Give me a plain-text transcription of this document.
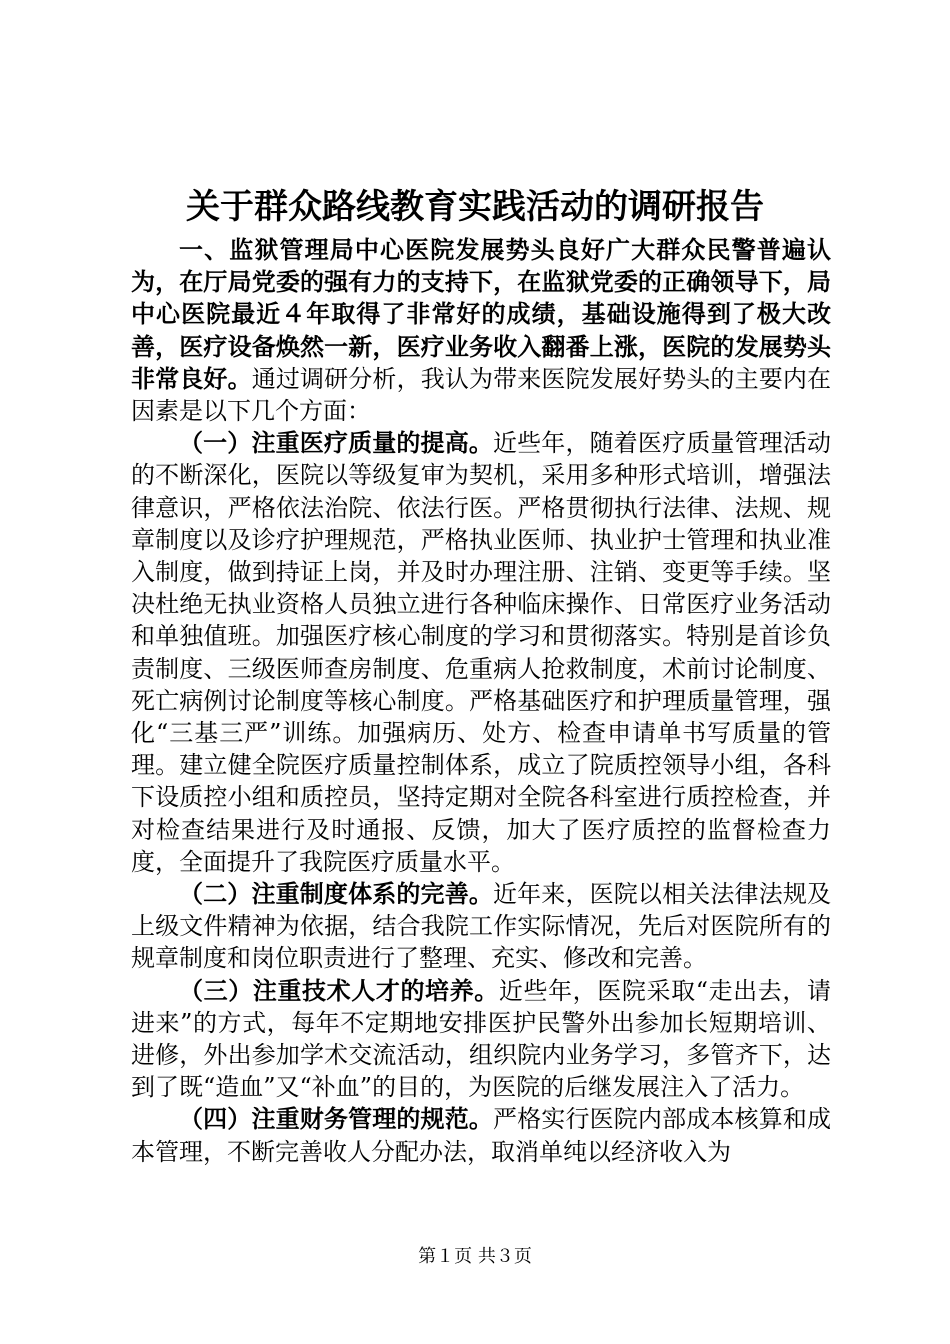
关于群众路线教育实践活动的调研报告

一、监狱管理局中心医院发展势头良好广大群众民警普遍认为，在厅局党委的强有力的支持下，在监狱党委的正确领导下，局中心医院最近４年取得了非常好的成绩，基础设施得到了极大改善，医疗设备焕然一新，医疗业务收入翻番上涨，医院的发展势头非常良好。通过调研分析，我认为带来医院发展好势头的主要内在因素是以下几个方面：

（一）注重医疗质量的提高。近些年，随着医疗质量管理活动的不断深化，医院以等级复审为契机，采用多种形式培训，增强法律意识，严格依法治院、依法行医。严格贯彻执行法律、法规、规章制度以及诊疗护理规范，严格执业医师、执业护士管理和执业准入制度，做到持证上岗，并及时办理注册、注销、变更等手续。坚决杜绝无执业资格人员独立进行各种临床操作、日常医疗业务活动和单独值班。加强医疗核心制度的学习和贯彻落实。特别是首诊负责制度、三级医师查房制度、危重病人抢救制度，术前讨论制度、死亡病例讨论制度等核心制度。严格基础医疗和护理质量管理，强化“三基三严”训练。加强病历、处方、检查申请单书写质量的管理。建立健全院医疗质量控制体系，成立了院质控领导小组，各科下设质控小组和质控员，坚持定期对全院各科室进行质控检查，并对检查结果进行及时通报、反馈，加大了医疗质控的监督检查力度，全面提升了我院医疗质量水平。

（二）注重制度体系的完善。近年来，医院以相关法律法规及上级文件精神为依据，结合我院工作实际情况，先后对医院所有的规章制度和岗位职责进行了整理、充实、修改和完善。

（三）注重技术人才的培养。近些年，医院采取“走出去，请进来”的方式，每年不定期地安排医护民警外出参加长短期培训、进修，外出参加学术交流活动，组织院内业务学习，多管齐下，达到了既“造血”又“补血”的目的，为医院的后继发展注入了活力。

（四）注重财务管理的规范。严格实行医院内部成本核算和成本管理，不断完善收人分配办法，取消单纯以经济收入为

第１页 共３页
